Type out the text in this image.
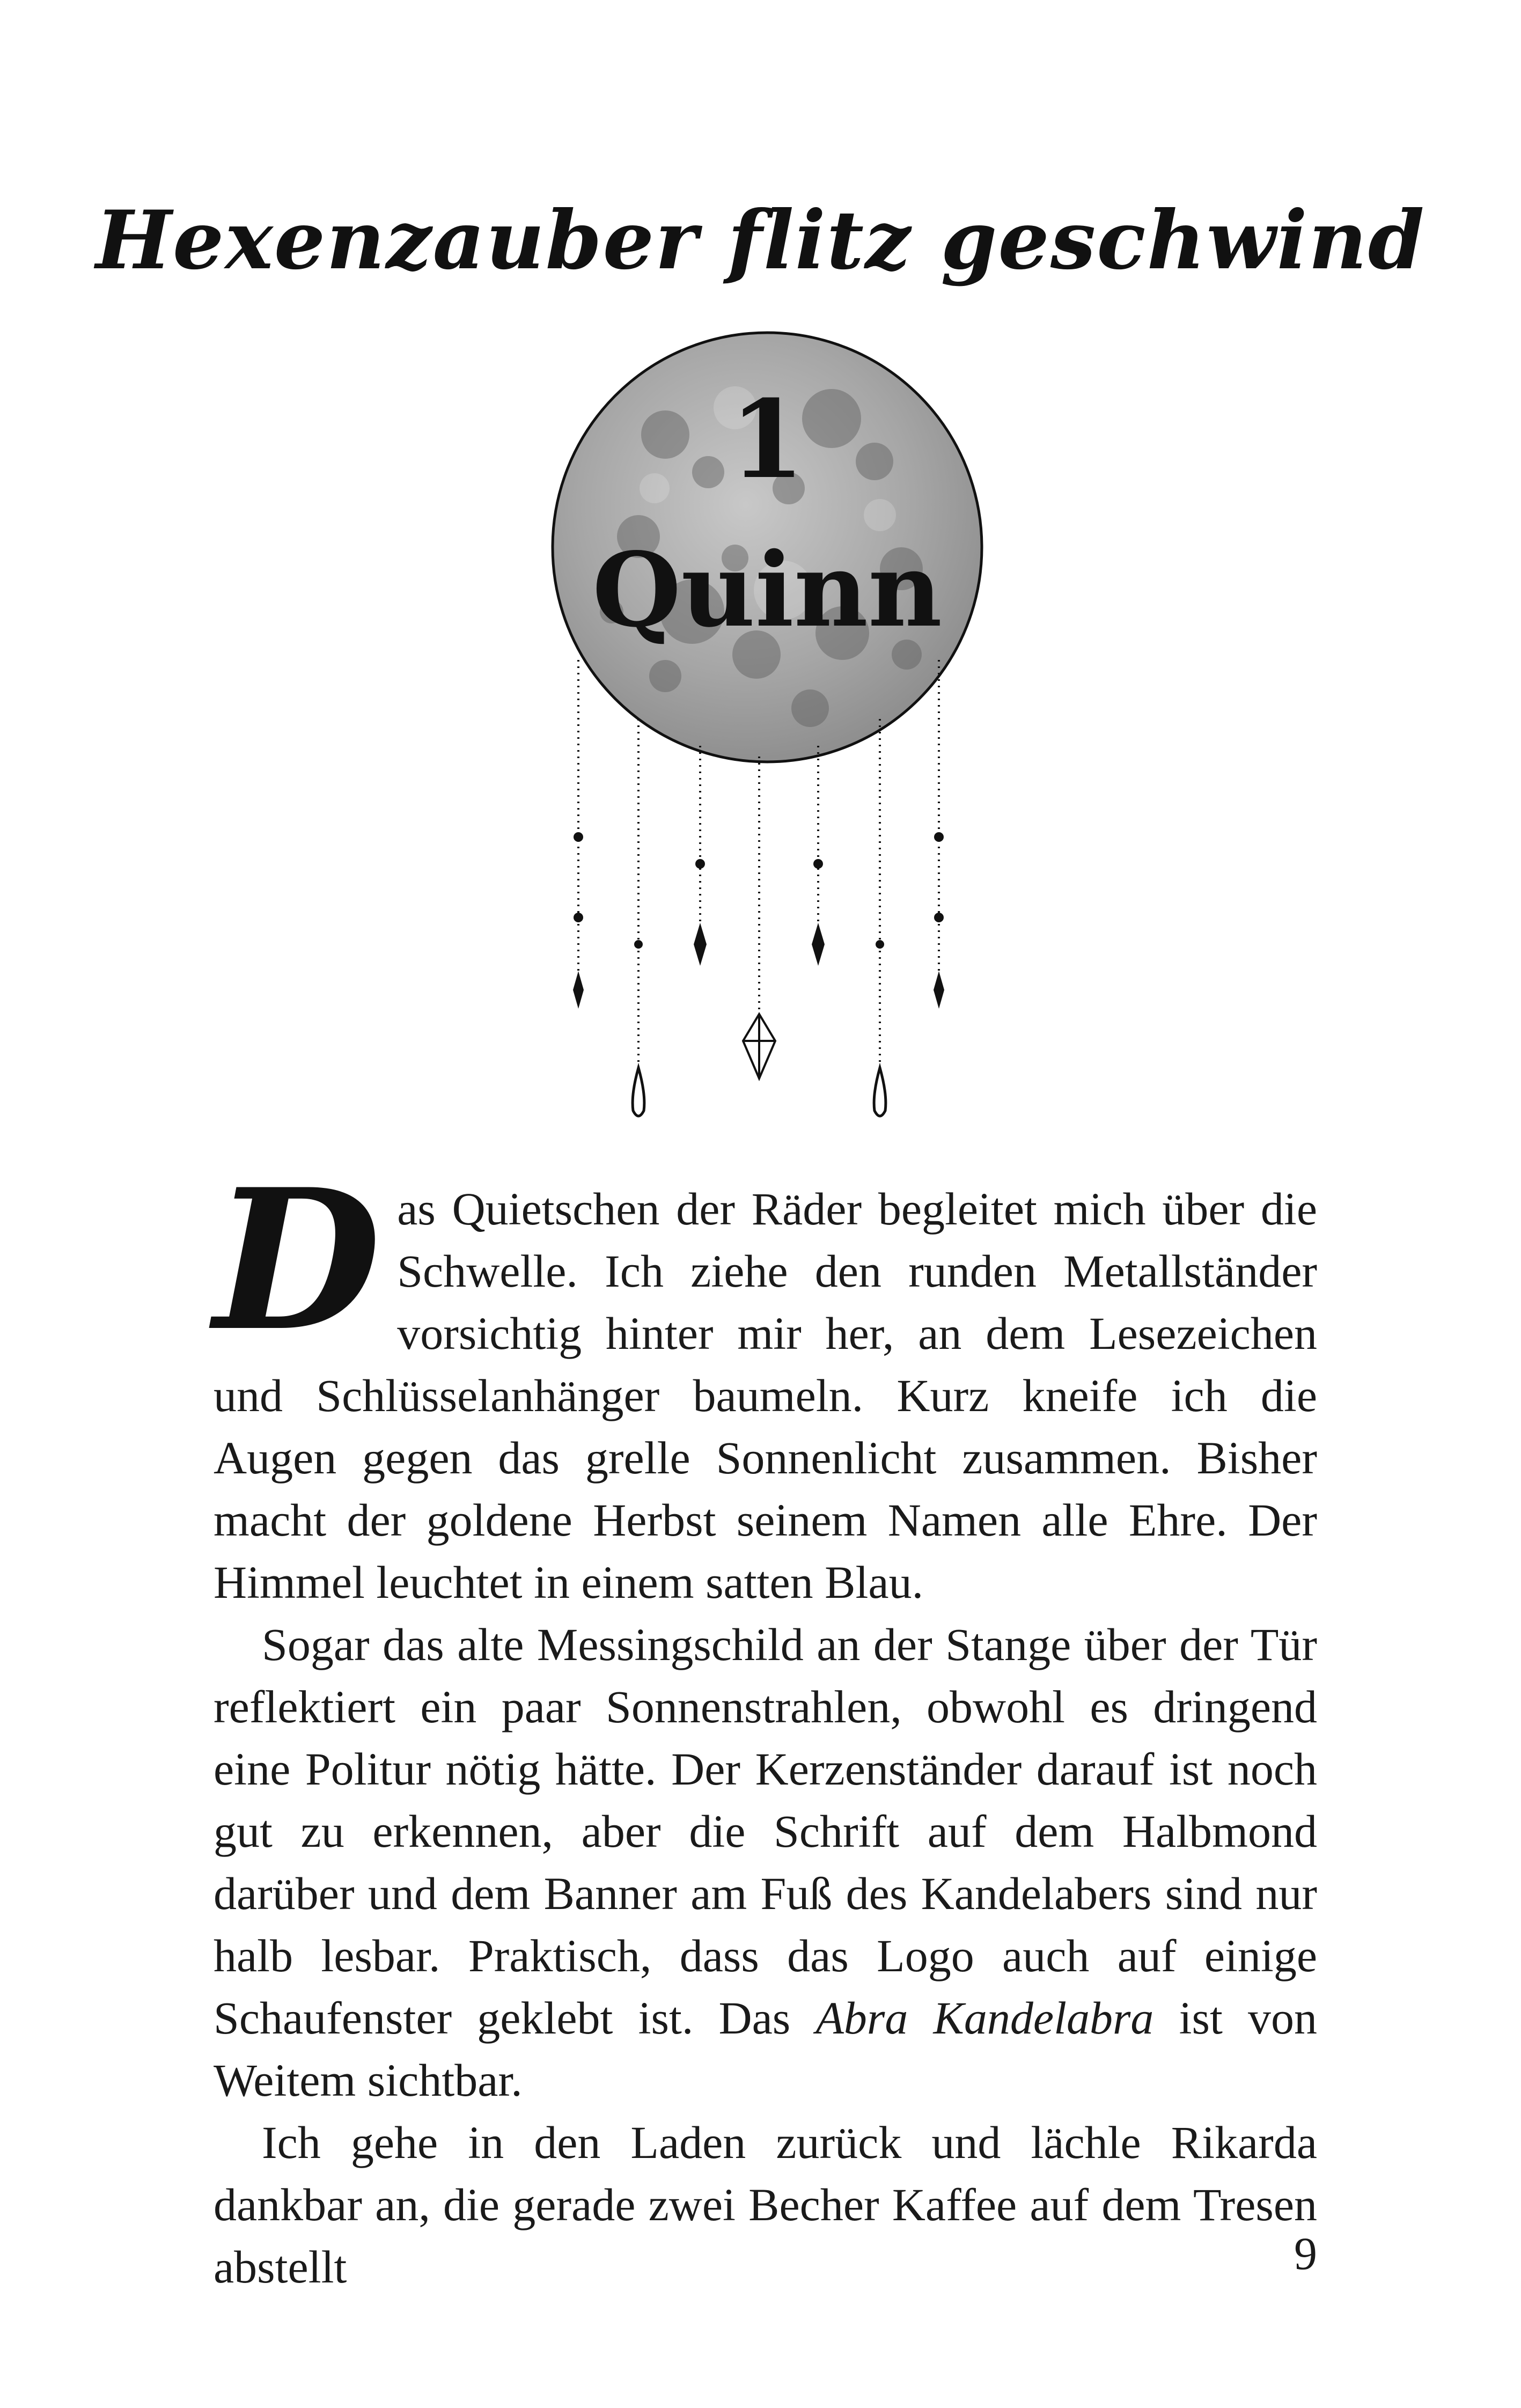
Hexenzauber flitz geschwind
1
Quinn

Das Quietschen der Räder begleitet mich über die Schwelle. Ich ziehe den runden Metallständer vorsichtig hinter mir her, an dem Lesezeichen und Schlüsselanhänger baumeln. Kurz kneife ich die Augen gegen das grelle Sonnenlicht zusammen. Bisher macht der goldene Herbst seinem Namen alle Ehre. Der Himmel leuchtet in einem satten Blau.

Sogar das alte Messingschild an der Stange über der Tür reflektiert ein paar Sonnenstrahlen, obwohl es dringend eine Politur nötig hätte. Der Kerzenständer darauf ist noch gut zu erkennen, aber die Schrift auf dem Halbmond darüber und dem Banner am Fuß des Kandelabers sind nur halb lesbar. Praktisch, dass das Logo auch auf einige Schaufenster geklebt ist. Das Abra Kandelabra ist von Weitem sichtbar.

Ich gehe in den Laden zurück und lächle Rikarda dankbar an, die gerade zwei Becher Kaffee auf dem Tresen abstellt	9
